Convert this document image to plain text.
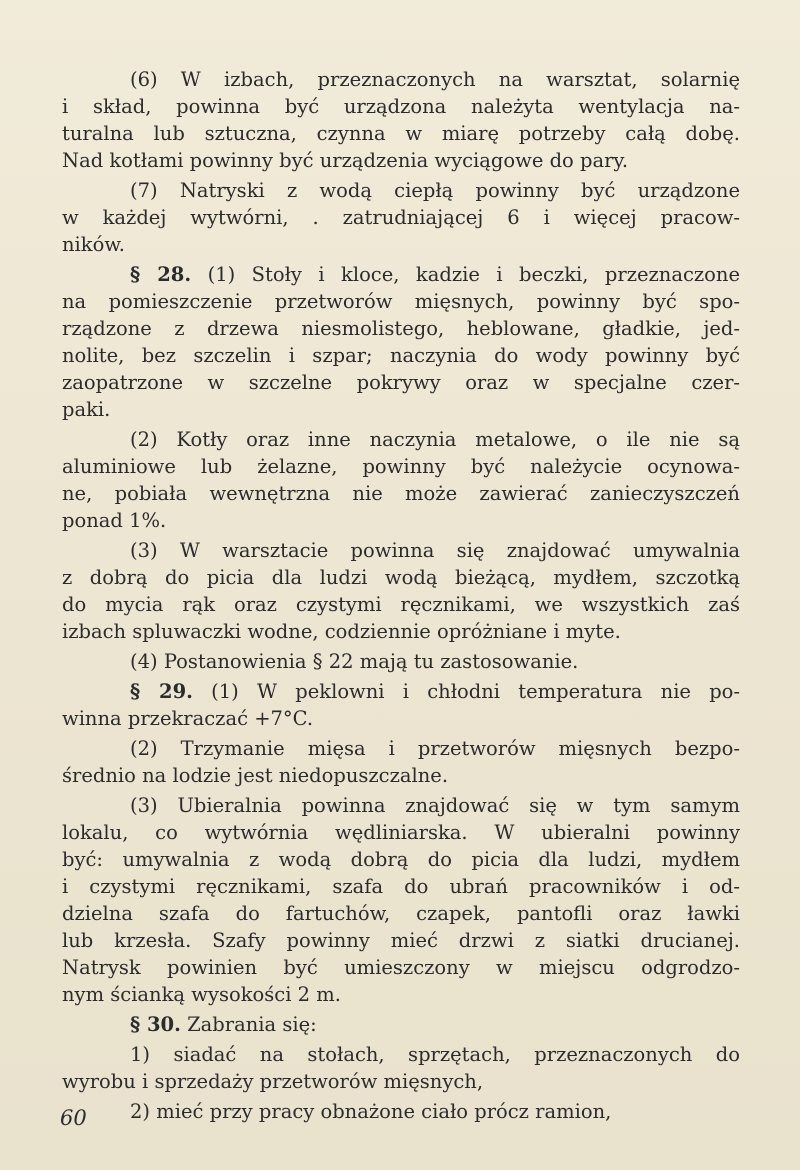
(6) W izbach, przeznaczonych na warsztat, solarnię
i skład, powinna być urządzona należyta wentylacja na-
turalna lub sztuczna, czynna w miarę potrzeby całą dobę.
Nad kotłami powinny być urządzenia wyciągowe do pary.
(7) Natryski z wodą ciepłą powinny być urządzone
w każdej wytwórni, . zatrudniającej 6 i więcej pracow-
ników.
§ 28. (1) Stoły i kloce, kadzie i beczki, przeznaczone
na pomieszczenie przetworów mięsnych, powinny być spo-
rządzone z drzewa niesmolistego, heblowane, gładkie, jed-
nolite, bez szczelin i szpar; naczynia do wody powinny być
zaopatrzone w szczelne pokrywy oraz w specjalne czer-
paki.
(2) Kotły oraz inne naczynia metalowe, o ile nie są
aluminiowe lub żelazne, powinny być należycie ocynowa-
ne, pobiała wewnętrzna nie może zawierać zanieczyszczeń
ponad 1%.
(3) W warsztacie powinna się znajdować umywalnia
z dobrą do picia dla ludzi wodą bieżącą, mydłem, szczotką
do mycia rąk oraz czystymi ręcznikami, we wszystkich zaś
izbach spluwaczki wodne, codziennie opróżniane i myte.
(4) Postanowienia § 22 mają tu zastosowanie.
§ 29. (1) W peklowni i chłodni temperatura nie po-
winna przekraczać +7°C.
(2) Trzymanie mięsa i przetworów mięsnych bezpo-
średnio na lodzie jest niedopuszczalne.
(3) Ubieralnia powinna znajdować się w tym samym
lokalu, co wytwórnia wędliniarska. W ubieralni powinny
być: umywalnia z wodą dobrą do picia dla ludzi, mydłem
i czystymi ręcznikami, szafa do ubrań pracowników i od-
dzielna szafa do fartuchów, czapek, pantofli oraz ławki
lub krzesła. Szafy powinny mieć drzwi z siatki drucianej.
Natrysk powinien być umieszczony w miejscu odgrodzo-
nym ścianką wysokości 2 m.
§ 30. Zabrania się:
1) siadać na stołach, sprzętach, przeznaczonych do
wyrobu i sprzedaży przetworów mięsnych,
2) mieć przy pracy obnażone ciało prócz ramion,
60
